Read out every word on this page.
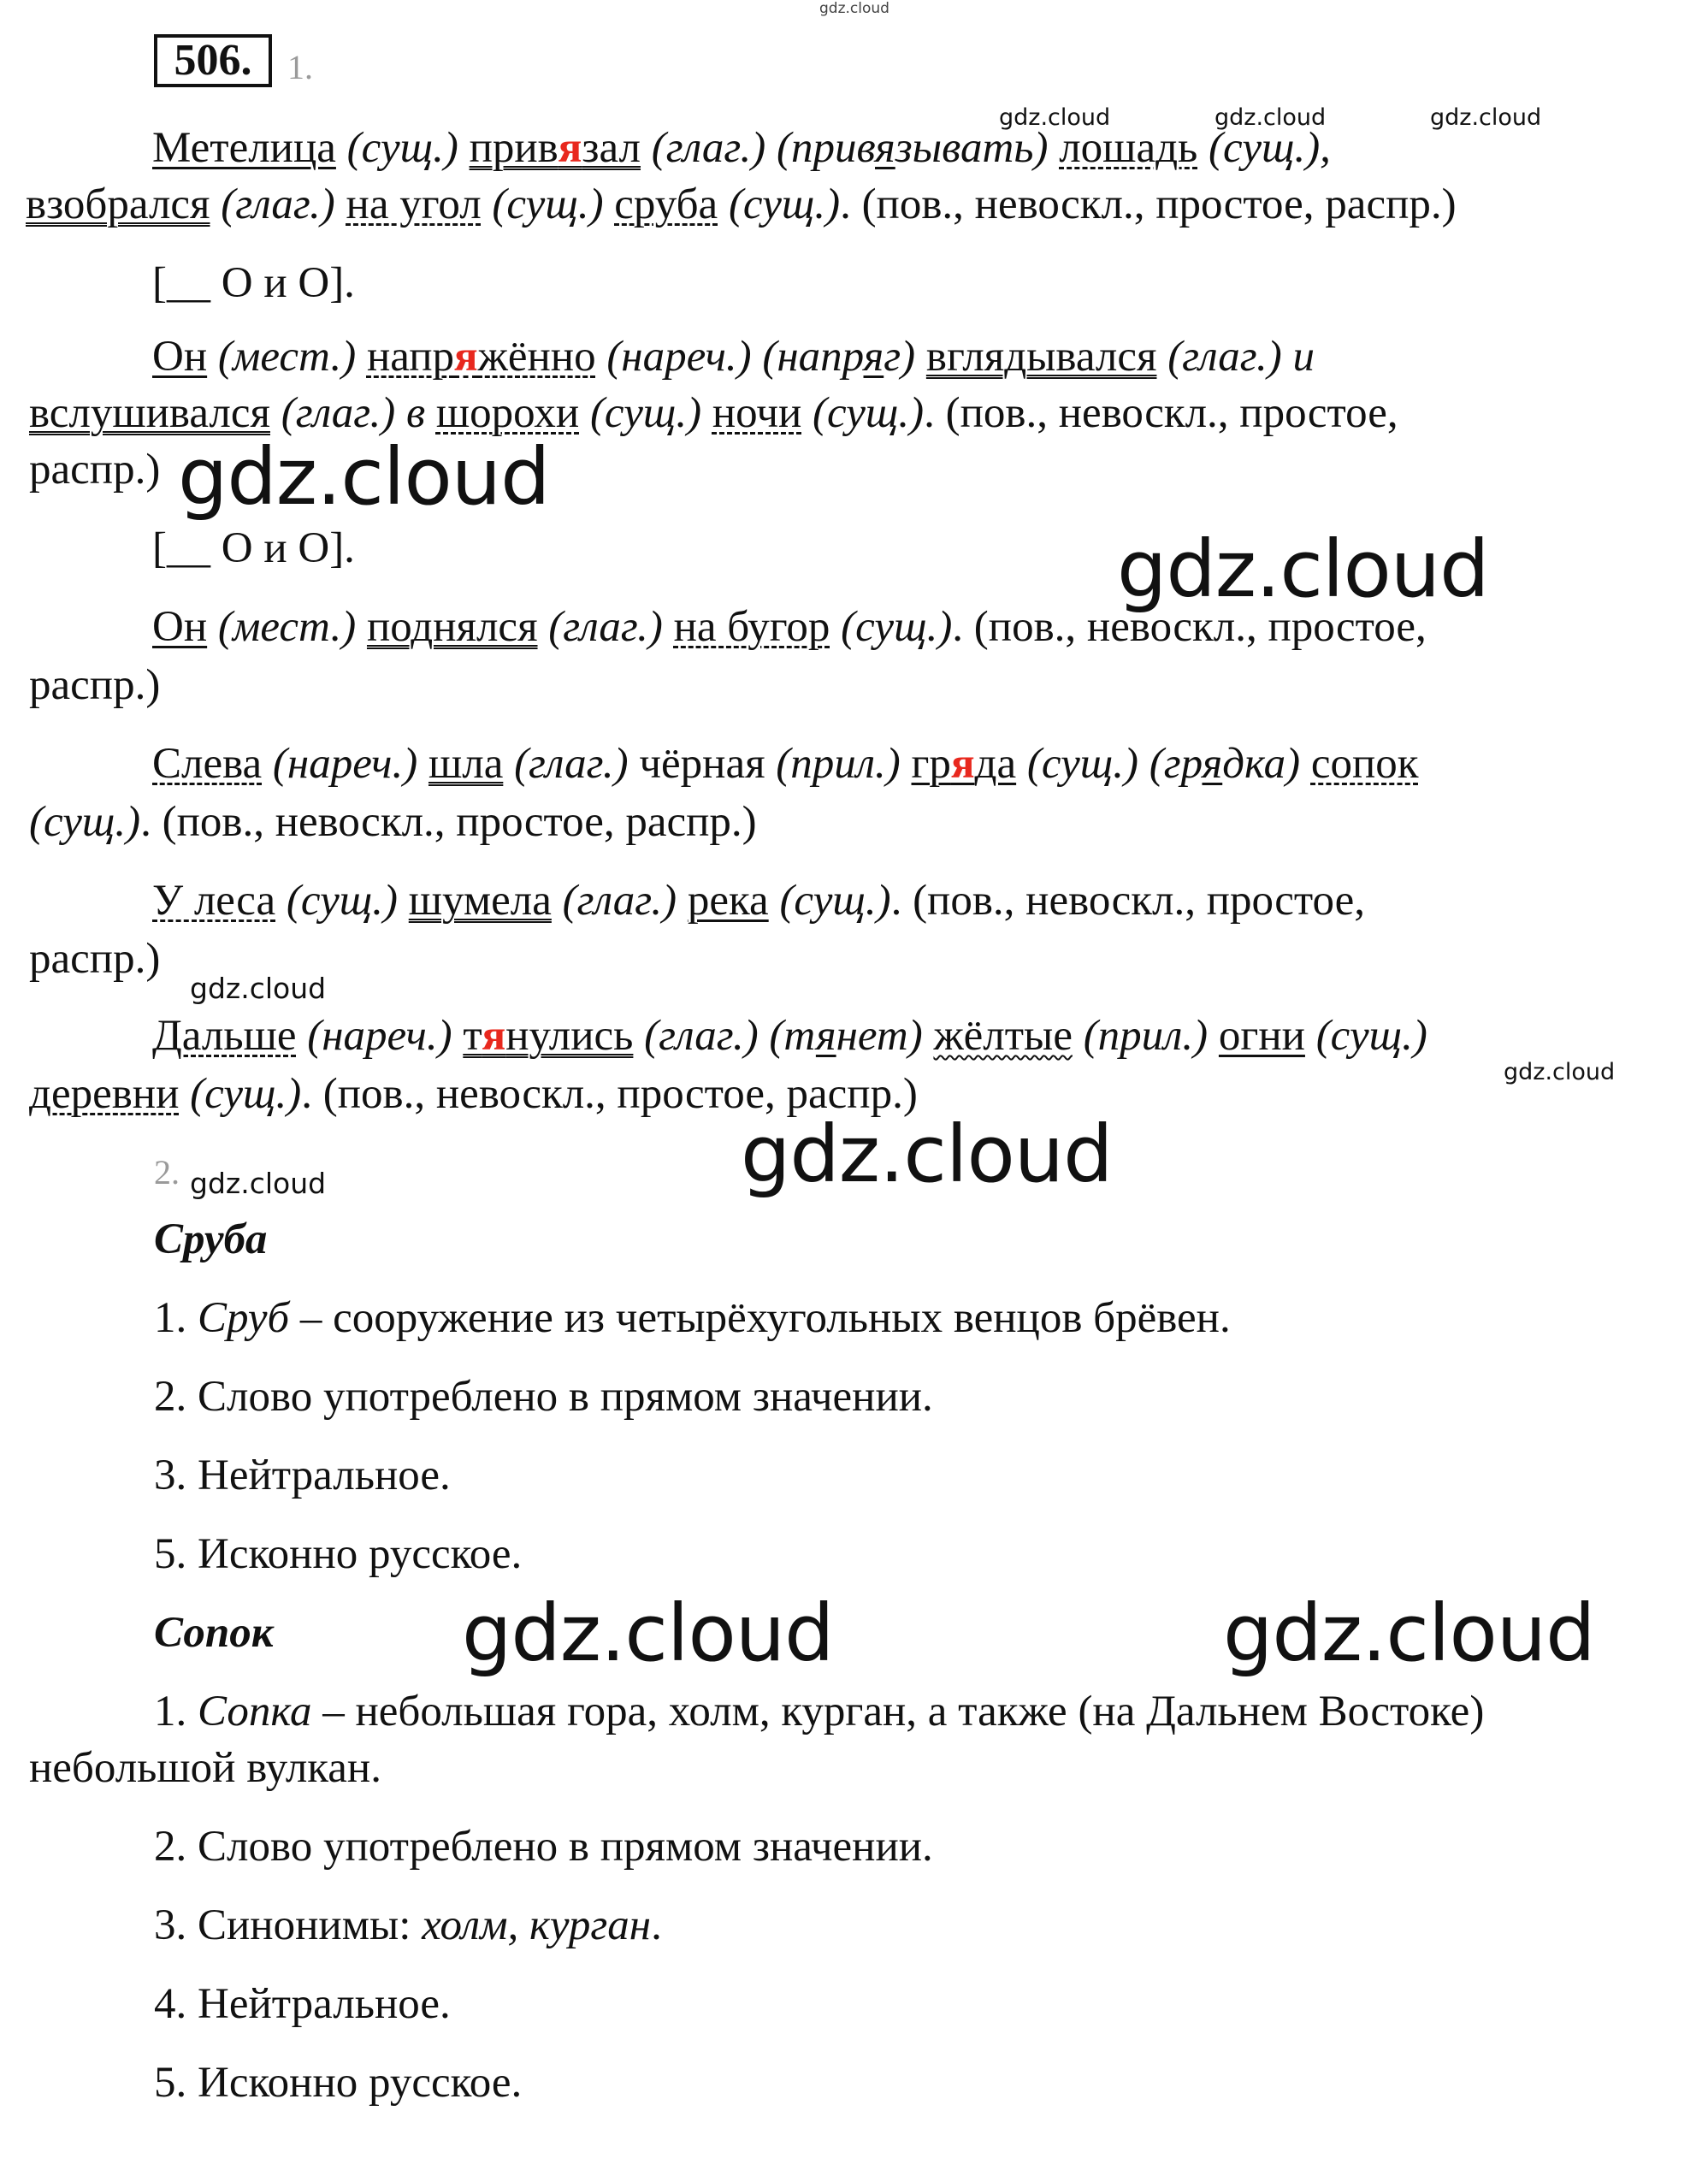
gdz.cloud
506.	1.
gdz.cloud	gdz.cloud	gdz.cloud
Метелица (сущ.) привязал (глаг.) (привязывать) лошадь (сущ.),
взобрался (глаг.) на угол (сущ.) сруба (сущ.). (пов., невоскл., простое, распр.)
[__ О и О].
Он (мест.) напряжённо (нареч.) (напряг) вглядывался (глаг.) и
вслушивался (глаг.) в шорохи (сущ.) ночи (сущ.). (пов., невоскл., простое,
распр.) gdz.cloud
[__ О и О].	gdz.cloud
Он (мест.) поднялся (глаг.) на бугор (сущ.). (пов., невоскл., простое,
распр.)
Слева (нареч.) шла (глаг.) чёрная (прил.) гряда (сущ.) (грядка) сопок
(сущ.). (пов., невоскл., простое, распр.)
У леса (сущ.) шумела (глаг.) река (сущ.). (пов., невоскл., простое,
распр.)
gdz.cloud
Дальше (нареч.) тянулись (глаг.) (тянет) жёлтые (прил.) огни (сущ.)
gdz.cloud
деревни (сущ.). (пов., невоскл., простое, распр.)
gdz.cloud
2. gdz.cloud
Сруба
1. Сруб – сооружение из четырёхугольных венцов брёвен.
2. Слово употреблено в прямом значении.
3. Нейтральное.
5. Исконно русское.
Сопок gdz.cloud	gdz.cloud
1. Сопка – небольшая гора, холм, курган, а также (на Дальнем Востоке)
небольшой вулкан.
2. Слово употреблено в прямом значении.
3. Синонимы: холм, курган.
4. Нейтральное.
5. Исконно русское.
